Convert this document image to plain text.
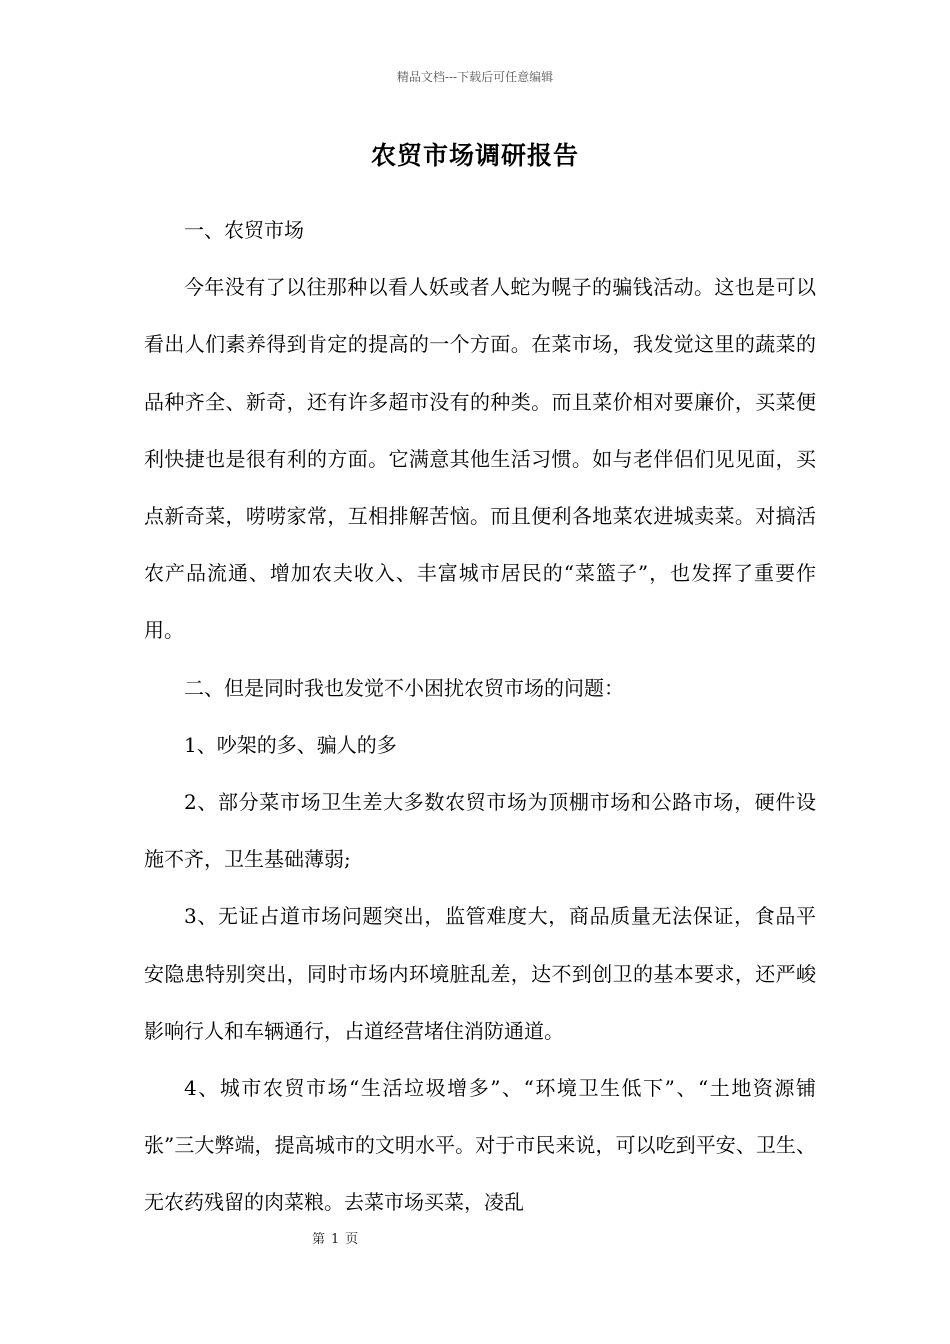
精品文档---下载后可任意编辑
农贸市场调研报告

一、农贸市场

今年没有了以往那种以看人妖或者人蛇为幌子的骗钱活动。这也是可以看出人们素养得到肯定的提高的一个方面。在菜市场，我发觉这里的蔬菜的品种齐全、新奇，还有许多超市没有的种类。而且菜价相对要廉价，买菜便利快捷也是很有利的方面。它满意其他生活习惯。如与老伴侣们见见面，买点新奇菜，唠唠家常，互相排解苦恼。而且便利各地菜农进城卖菜。对搞活农产品流通、增加农夫收入、丰富城市居民的“菜篮子”，也发挥了重要作用。

二、但是同时我也发觉不小困扰农贸市场的问题：

1、吵架的多、骗人的多

2、部分菜市场卫生差大多数农贸市场为顶棚市场和公路市场，硬件设施不齐，卫生基础薄弱;

3、无证占道市场问题突出，监管难度大，商品质量无法保证，食品平安隐患特别突出，同时市场内环境脏乱差，达不到创卫的基本要求，还严峻影响行人和车辆通行，占道经营堵住消防通道。

4、城市农贸市场“生活垃圾增多”、“环境卫生低下”、“土地资源铺张”三大弊端，提高城市的文明水平。对于市民来说，可以吃到平安、卫生、无农药残留的肉菜粮。去菜市场买菜，凌乱

第 1 页
